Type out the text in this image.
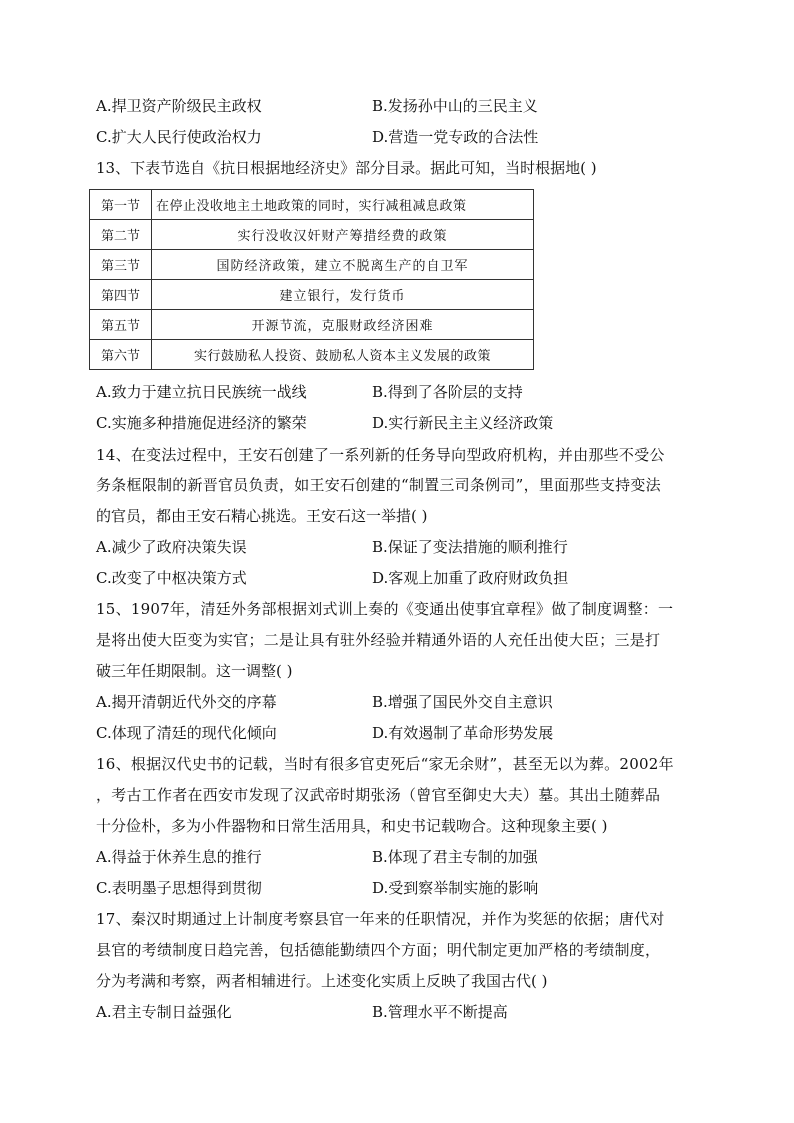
A.捍卫资产阶级民主政权	B.发扬孙中山的三民主义
C.扩大人民行使政治权力	D.营造一党专政的合法性
13、下表节选自《抗日根据地经济史》部分目录。据此可知，当时根据地( )
第一节	在停止没收地主土地政策的同时，实行减租减息政策
第二节	实行没收汉奸财产筹措经费的政策
第三节	国防经济政策，建立不脱离生产的自卫军
第四节	建立银行，发行货币
第五节	开源节流，克服财政经济困难
第六节	实行鼓励私人投资、鼓励私人资本主义发展的政策
A.致力于建立抗日民族统一战线	B.得到了各阶层的支持
C.实施多种措施促进经济的繁荣	D.实行新民主主义经济政策
14、在变法过程中，王安石创建了一系列新的任务导向型政府机构，并由那些不受公
务条框限制的新晋官员负责，如王安石创建的“制置三司条例司”，里面那些支持变法
的官员，都由王安石精心挑选。王安石这一举措( )
A.减少了政府决策失误	B.保证了变法措施的顺利推行
C.改变了中枢决策方式	D.客观上加重了政府财政负担
15、1907年，清廷外务部根据刘式训上奏的《变通出使事宜章程》做了制度调整：一
是将出使大臣变为实官；二是让具有驻外经验并精通外语的人充任出使大臣；三是打
破三年任期限制。这一调整( )
A.揭开清朝近代外交的序幕	B.增强了国民外交自主意识
C.体现了清廷的现代化倾向	D.有效遏制了革命形势发展
16、根据汉代史书的记载，当时有很多官吏死后“家无余财”，甚至无以为葬。2002年
，考古工作者在西安市发现了汉武帝时期张汤（曾官至御史大夫）墓。其出土随葬品
十分俭朴，多为小件器物和日常生活用具，和史书记载吻合。这种现象主要( )
A.得益于休养生息的推行	B.体现了君主专制的加强
C.表明墨子思想得到贯彻	D.受到察举制实施的影响
17、秦汉时期通过上计制度考察县官一年来的任职情况，并作为奖惩的依据；唐代对
县官的考绩制度日趋完善，包括德能勤绩四个方面；明代制定更加严格的考绩制度，
分为考满和考察，两者相辅进行。上述变化实质上反映了我国古代( )
A.君主专制日益强化	B.管理水平不断提高
